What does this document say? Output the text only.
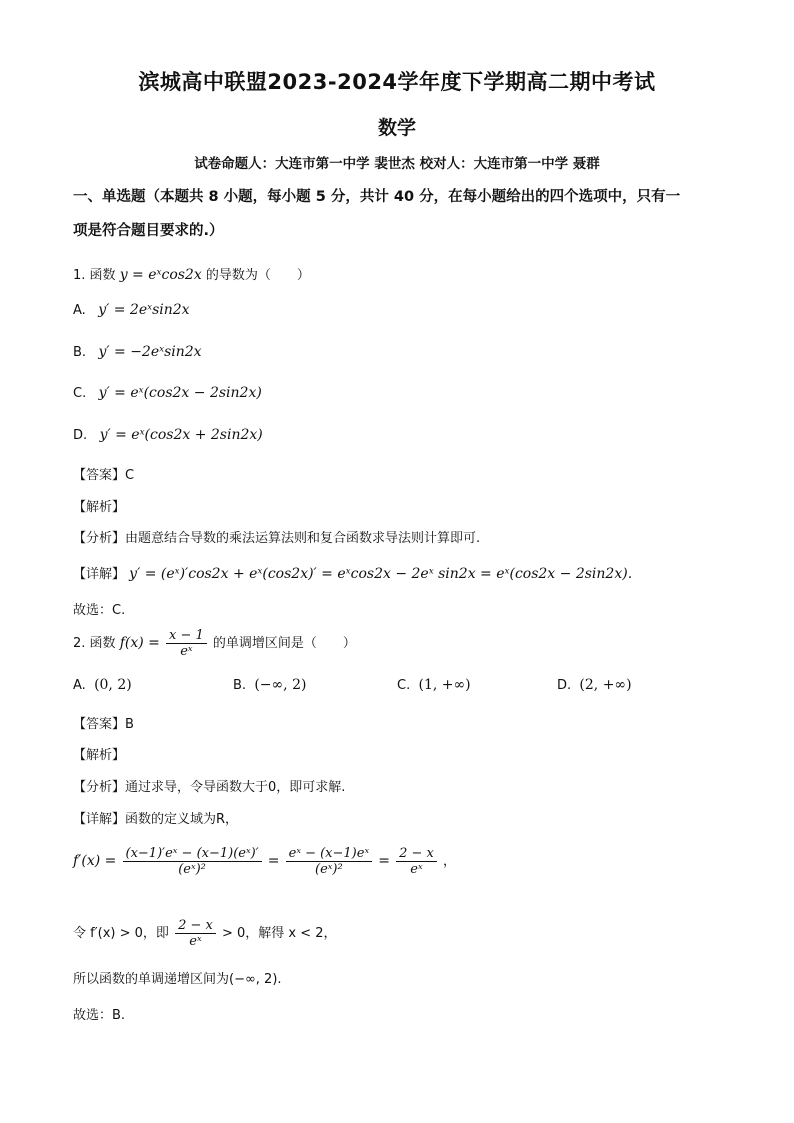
滨城高中联盟2023-2024学年度下学期高二期中考试
数学
试卷命题人：大连市第一中学 裴世杰 校对人：大连市第一中学 聂群
一、单选题（本题共 8 小题，每小题 5 分，共计 40 分，在每小题给出的四个选项中，只有一
项是符合题目要求的.）
1. 函数 y = eˣcos2x 的导数为（　　）
A. y′ = 2eˣsin2x
B. y′ = −2eˣsin2x
C. y′ = eˣ(cos2x − 2sin2x)
D. y′ = eˣ(cos2x + 2sin2x)
【答案】C
【解析】
【分析】由题意结合导数的乘法运算法则和复合函数求导法则计算即可.
【详解】 y′ = (eˣ)′cos2x + eˣ(cos2x)′ = eˣcos2x − 2eˣ sin2x = eˣ(cos2x − 2sin2x).
故选：C.
2. 函数 $f(x) = \frac{x - 1}{\text{eˣ}}$ 的单调增区间是（　　）
A. (0, 2)	B. (−∞, 2)	C. (1, +∞)	D. (2, +∞)
【答案】B
【解析】
【分析】通过求导，令导函数大于0，即可求解.
【详解】函数的定义域为R，
$f'(x) = \frac{\text{(x−1)′eˣ − (x−1)(eˣ)′}}{\text{(eˣ)²}} = \frac{\text{eˣ − (x−1)eˣ}}{\text{(eˣ)²}} = \frac{2 - x}{\text{eˣ}}$ ，
令 f′(x) > 0，即 $\frac{2 - x}{\text{eˣ}} > 0$，解得 x < 2，
所以函数的单调递增区间为(−∞, 2).
故选：B.
